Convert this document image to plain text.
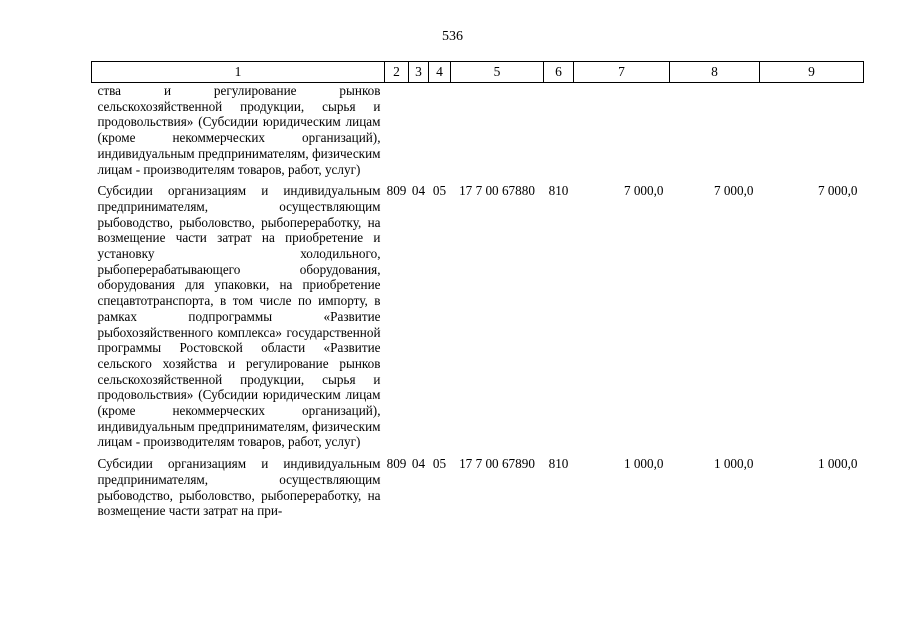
536
1	2	3	4	5	6	7	8	9
ства и регулирование рынков сельскохозяйственной продукции, сырья и продовольствия» (Субсидии юридическим лицам (кроме некоммерческих организаций), индивидуальным предпринимателям, физическим лицам - производителям товаров, работ, услуг)								
Субсидии организациям и индивидуальным предпринимателям, осуществляющим рыбоводство, рыболовство, рыбопереработку, на возмещение части затрат на приобретение и установку холодильного, рыбоперерабатывающего оборудования, оборудования для упаковки, на приобретение спецавтотранспорта, в том числе по импорту, в рамках подпрограммы «Развитие рыбохозяйственного комплекса» государственной программы Ростовской области «Развитие сельского хозяйства и регулирование рынков сельскохозяйственной продукции, сырья и продовольствия» (Субсидии юридическим лицам (кроме некоммерческих организаций), индивидуальным предпринимателям, физическим лицам - производителям товаров, работ, услуг)	809	04	05	17 7 00 67880	810	7 000,0	7 000,0	7 000,0
Субсидии организациям и индивидуальным предпринимателям, осуществляющим рыбоводство, рыболовство, рыбопереработку, на возмещение части затрат на при-	809	04	05	17 7 00 67890	810	1 000,0	1 000,0	1 000,0
